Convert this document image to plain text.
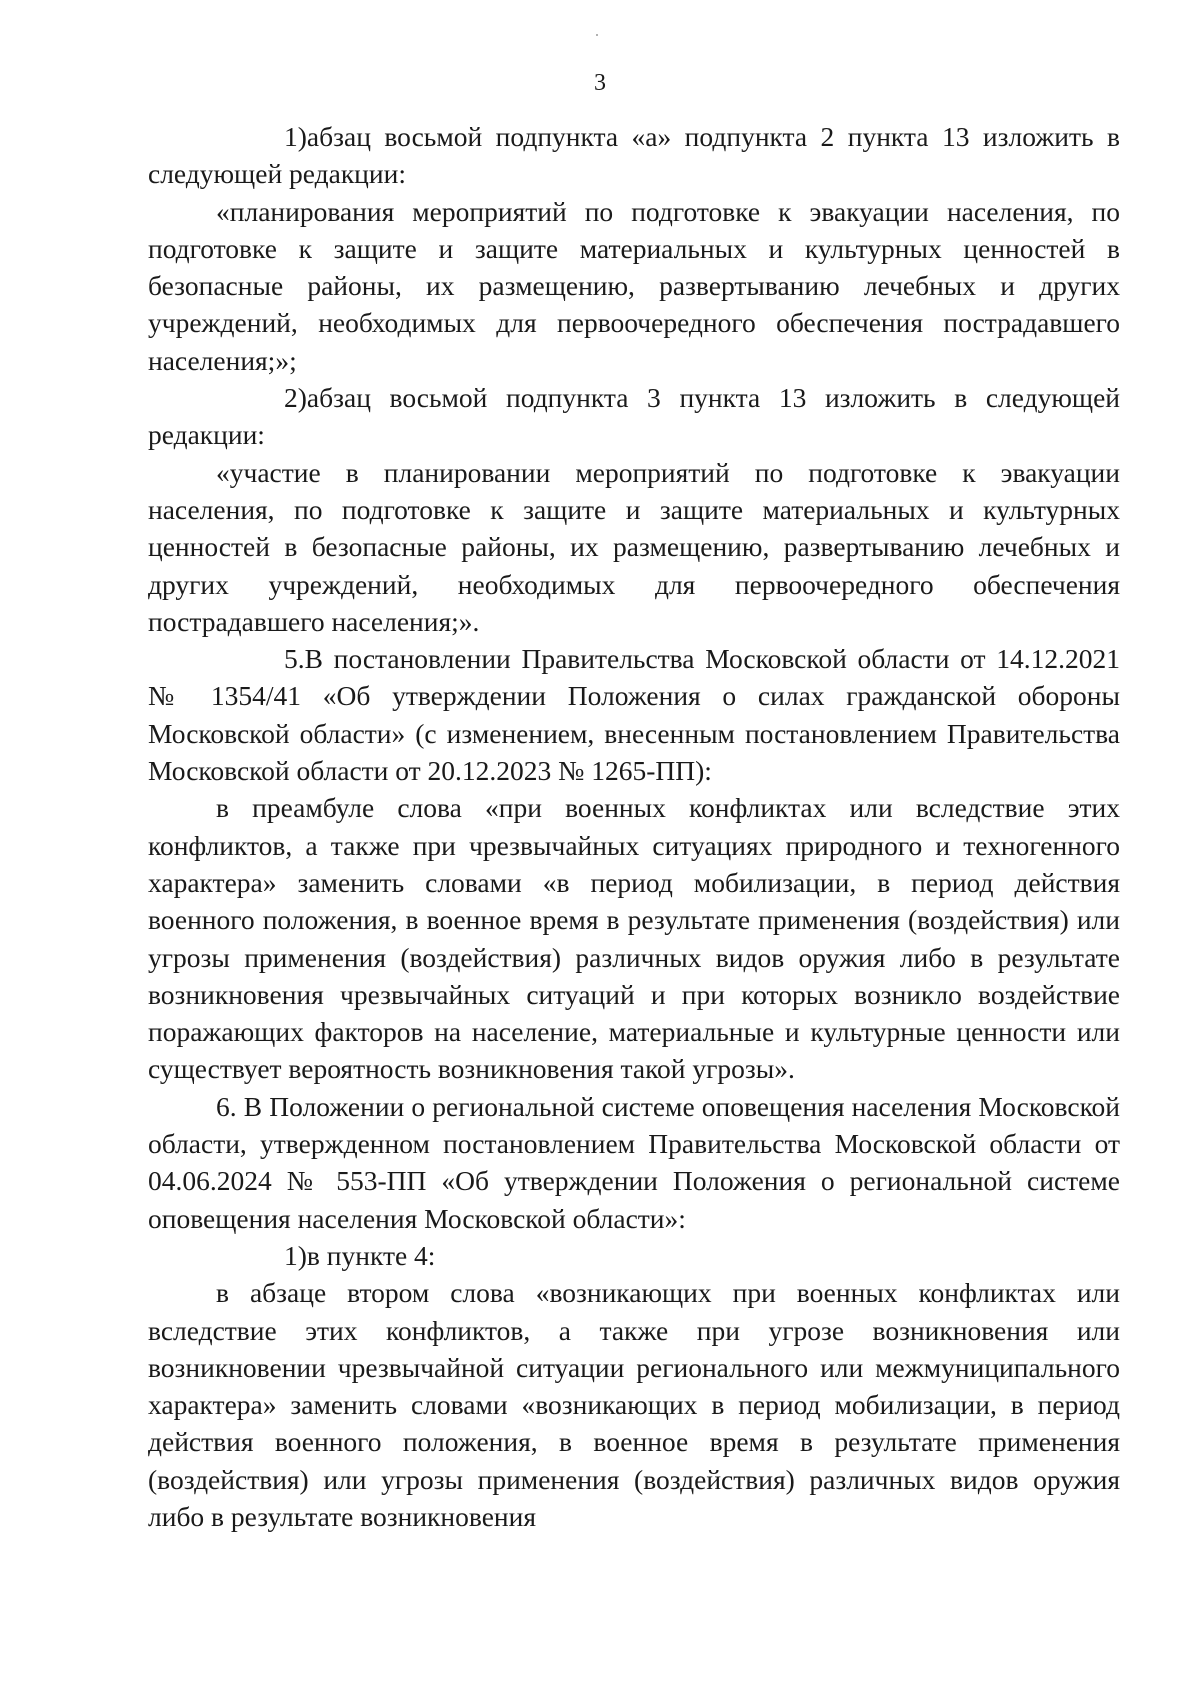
3

1)абзац восьмой подпункта «а» подпункта 2 пункта 13 изложить в следующей редакции:

«планирования мероприятий по подготовке к эвакуации населения, по подготовке к защите и защите материальных и культурных ценностей в безопасные районы, их размещению, развертыванию лечебных и других учреждений, необходимых для первоочередного обеспечения пострадавшего населения;»;

2)абзац восьмой подпункта 3 пункта 13 изложить в следующей редакции:

«участие в планировании мероприятий по подготовке к эвакуации населения, по подготовке к защите и защите материальных и культурных ценностей в безопасные районы, их размещению, развертыванию лечебных и других учреждений, необходимых для первоочередного обеспечения пострадавшего населения;».

5.В постановлении Правительства Московской области от 14.12.2021 № 1354/41 «Об утверждении Положения о силах гражданской обороны Московской области» (с изменением, внесенным постановлением Правительства Московской области от 20.12.2023 № 1265-ПП):

в преамбуле слова «при военных конфликтах или вследствие этих конфликтов, а также при чрезвычайных ситуациях природного и техногенного характера» заменить словами «в период мобилизации, в период действия военного положения, в военное время в результате применения (воздействия) или угрозы применения (воздействия) различных видов оружия либо в результате возникновения чрезвычайных ситуаций и при которых возникло воздействие поражающих факторов на население, материальные и культурные ценности или существует вероятность возникновения такой угрозы».

6. В Положении о региональной системе оповещения населения Московской области, утвержденном постановлением Правительства Московской области от 04.06.2024 № 553-ПП «Об утверждении Положения о региональной системе оповещения населения Московской области»:

1)в пункте 4:

в абзаце втором слова «возникающих при военных конфликтах или вследствие этих конфликтов, а также при угрозе возникновения или возникновении чрезвычайной ситуации регионального или межмуниципального характера» заменить словами «возникающих в период мобилизации, в период действия военного положения, в военное время в результате применения (воздействия) или угрозы применения (воздействия) различных видов оружия либо в результате возникновения
